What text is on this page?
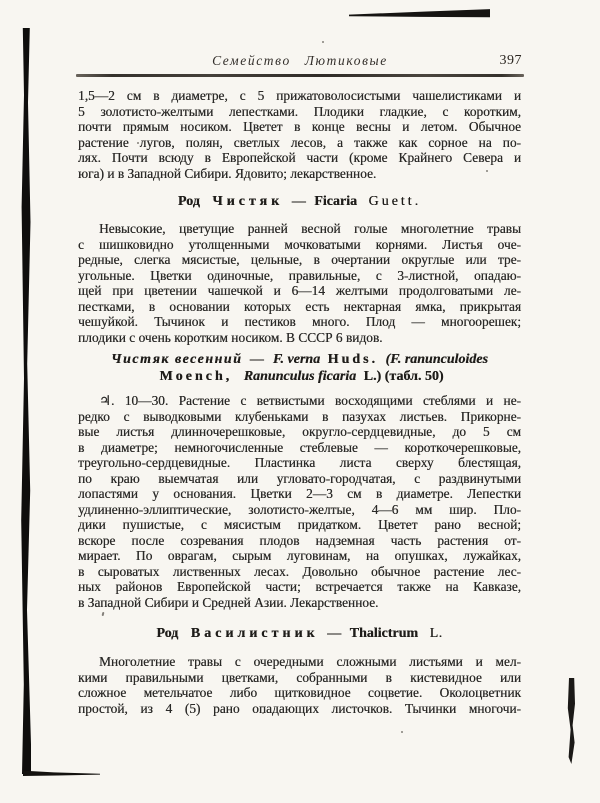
Семейство Лютиковые	397

1,5—2 см в диаметре, с 5 прижатоволосистыми чашелистиками и
5 золотисто-желтыми лепестками. Плодики гладкие, с коротким,
почти прямым носиком. Цветет в конце весны и летом. Обычное
растение лугов, полян, светлых лесов, а также как сорное на по-
лях. Почти всюду в Европейской части (кроме Крайнего Севера и
юга) и в Западной Сибири. Ядовито; лекарственное.

Род Чистяк — Ficaria Guett.

Невысокие, цветущие ранней весной голые многолетние травы
с шишковидно утолщенными мочковатыми корнями. Листья оче-
редные, слегка мясистые, цельные, в очертании округлые или тре-
угольные. Цветки одиночные, правильные, с 3-листной, опадаю-
щей при цветении чашечкой и 6—14 желтыми продолговатыми ле-
пестками, в основании которых есть нектарная ямка, прикрытая
чешуйкой. Тычинок и пестиков много. Плод — многоорешек;
плодики с очень коротким носиком. В СССР 6 видов.

Чистяк весенний — F. verna Huds. (F. ranunculoides
Moench, Ranunculus ficaria L.) (табл. 50)

♃. 10—30. Растение с ветвистыми восходящими стеблями и не-
редко с выводковыми клубеньками в пазухах листьев. Прикорне-
вые листья длинночерешковые, округло-сердцевидные, до 5 см
в диаметре; немногочисленные стеблевые — короткочерешковые,
треугольно-сердцевидные. Пластинка листа сверху блестящая,
по краю выемчатая или угловато-городчатая, с раздвинутыми
лопастями у основания. Цветки 2—3 см в диаметре. Лепестки
удлиненно-эллиптические, золотисто-желтые, 4—6 мм шир. Пло-
дики пушистые, с мясистым придатком. Цветет рано весной;
вскоре после созревания плодов надземная часть растения от-
мирает. По оврагам, сырым луговинам, на опушках, лужайках,
в сыроватых лиственных лесах. Довольно обычное растение лес-
ных районов Европейской части; встречается также на Кавказе,
в Западной Сибири и Средней Азии. Лекарственное.

Род Василистник — Thalictrum L.

Многолетние травы с очередными сложными листьями и мел-
кими правильными цветками, собранными в кистевидное или
сложное метельчатое либо щитковидное соцветие. Околоцветник
простой, из 4 (5) рано опадающих листочков. Тычинки многочи-
